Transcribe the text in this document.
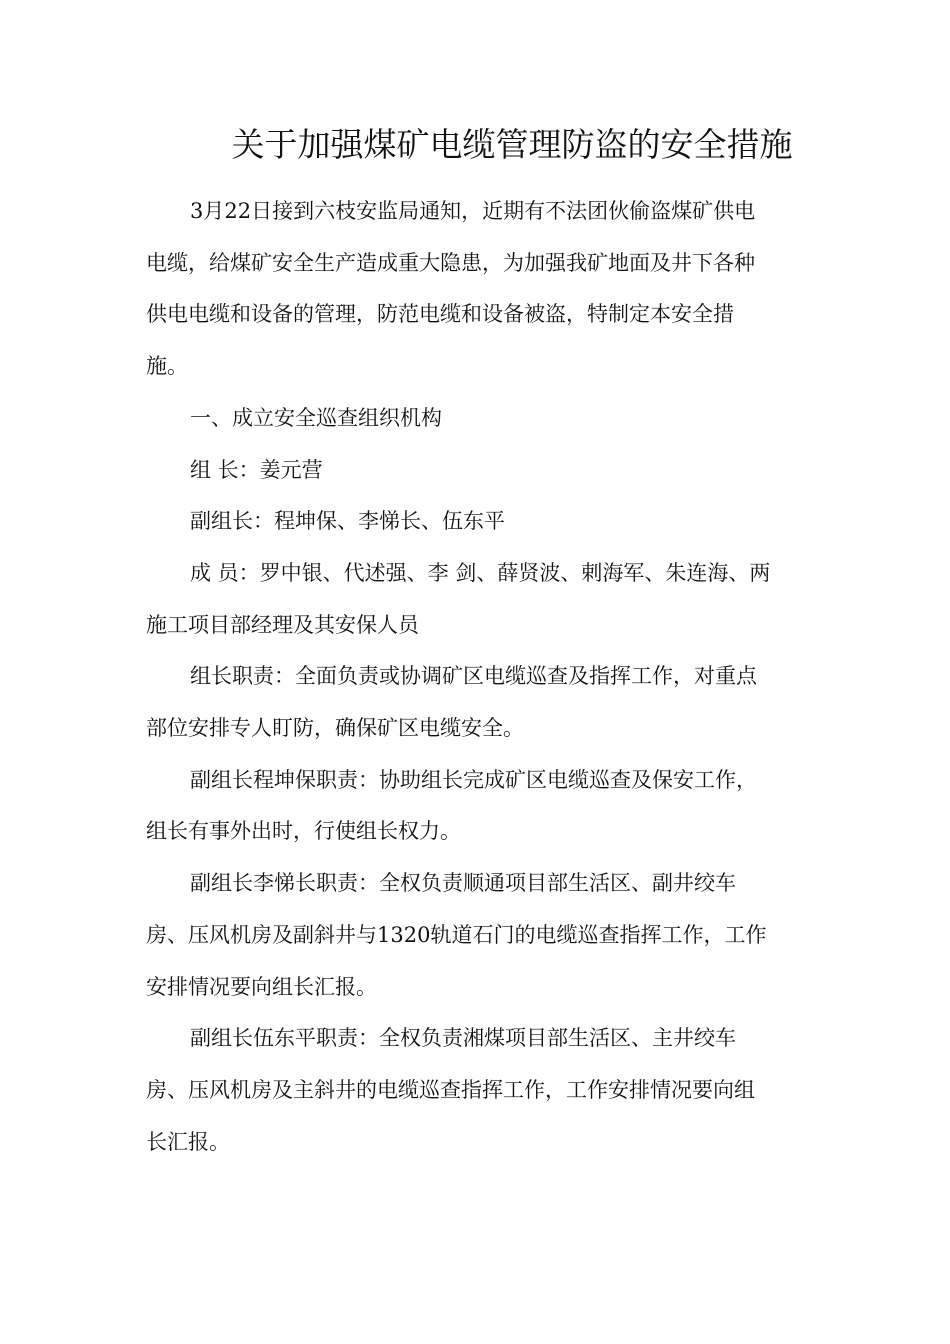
关于加强煤矿电缆管理防盗的安全措施

3月22日接到六枝安监局通知，近期有不法团伙偷盗煤矿供电

电缆，给煤矿安全生产造成重大隐患，为加强我矿地面及井下各种

供电电缆和设备的管理，防范电缆和设备被盗，特制定本安全措

施。

一、成立安全巡查组织机构

组 长：姜元营

副组长：程坤保、李悌长、伍东平

成 员：罗中银、代述强、李 剑、薛贤波、剌海军、朱连海、两

施工项目部经理及其安保人员

组长职责：全面负责或协调矿区电缆巡查及指挥工作，对重点

部位安排专人盯防，确保矿区电缆安全。

副组长程坤保职责：协助组长完成矿区电缆巡查及保安工作，

组长有事外出时，行使组长权力。

副组长李悌长职责：全权负责顺通项目部生活区、副井绞车

房、压风机房及副斜井与1320轨道石门的电缆巡查指挥工作，工作

安排情况要向组长汇报。

副组长伍东平职责：全权负责湘煤项目部生活区、主井绞车

房、压风机房及主斜井的电缆巡查指挥工作，工作安排情况要向组

长汇报。
